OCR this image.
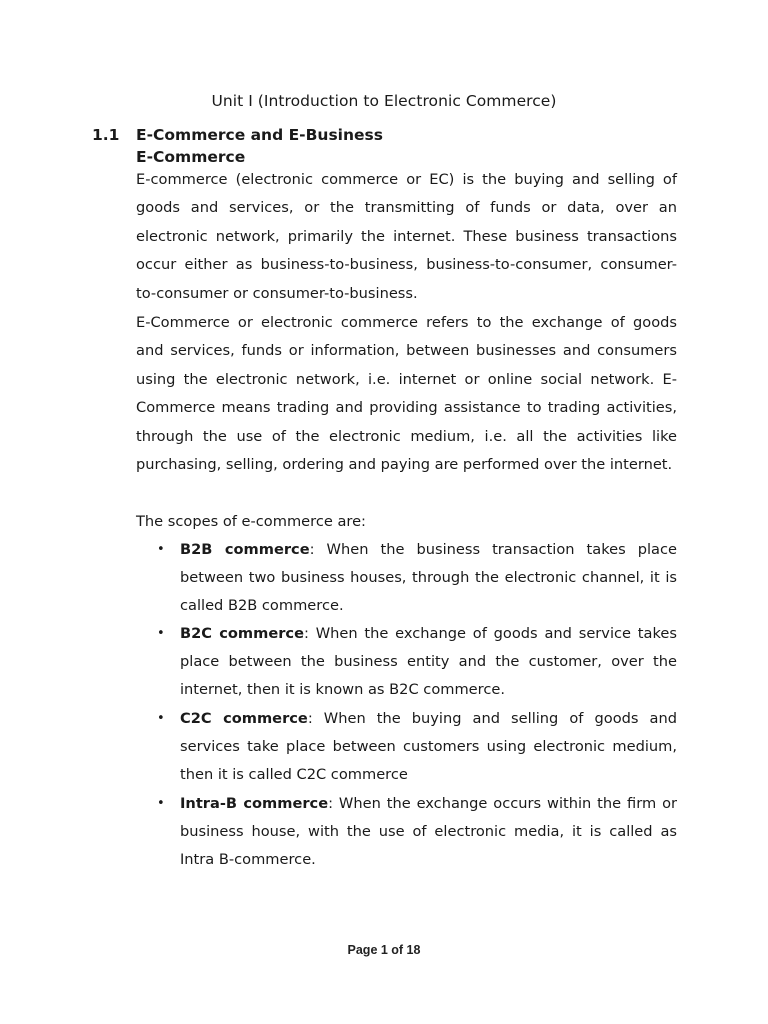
Unit I (Introduction to Electronic Commerce)
1.1 E-Commerce and E-Business
E-Commerce

E-commerce (electronic commerce or EC) is the buying and selling of goods and services, or the transmitting of funds or data, over an electronic network, primarily the internet. These business transactions occur either as business-to-business, business-to-consumer, consumer-to-consumer or consumer-to-business.

E-Commerce or electronic commerce refers to the exchange of goods and services, funds or information, between businesses and consumers using the electronic network, i.e. internet or online social network. E-Commerce means trading and providing assistance to trading activities, through the use of the electronic medium, i.e. all the activities like purchasing, selling, ordering and paying are performed over the internet.

The scopes of e-commerce are:

• B2B commerce: When the business transaction takes place between two business houses, through the electronic channel, it is called B2B commerce.
• B2C commerce: When the exchange of goods and service takes place between the business entity and the customer, over the internet, then it is known as B2C commerce.
• C2C commerce: When the buying and selling of goods and services take place between customers using electronic medium, then it is called C2C commerce
• Intra-B commerce: When the exchange occurs within the firm or business house, with the use of electronic media, it is called as Intra B-commerce.
Page 1 of 18
